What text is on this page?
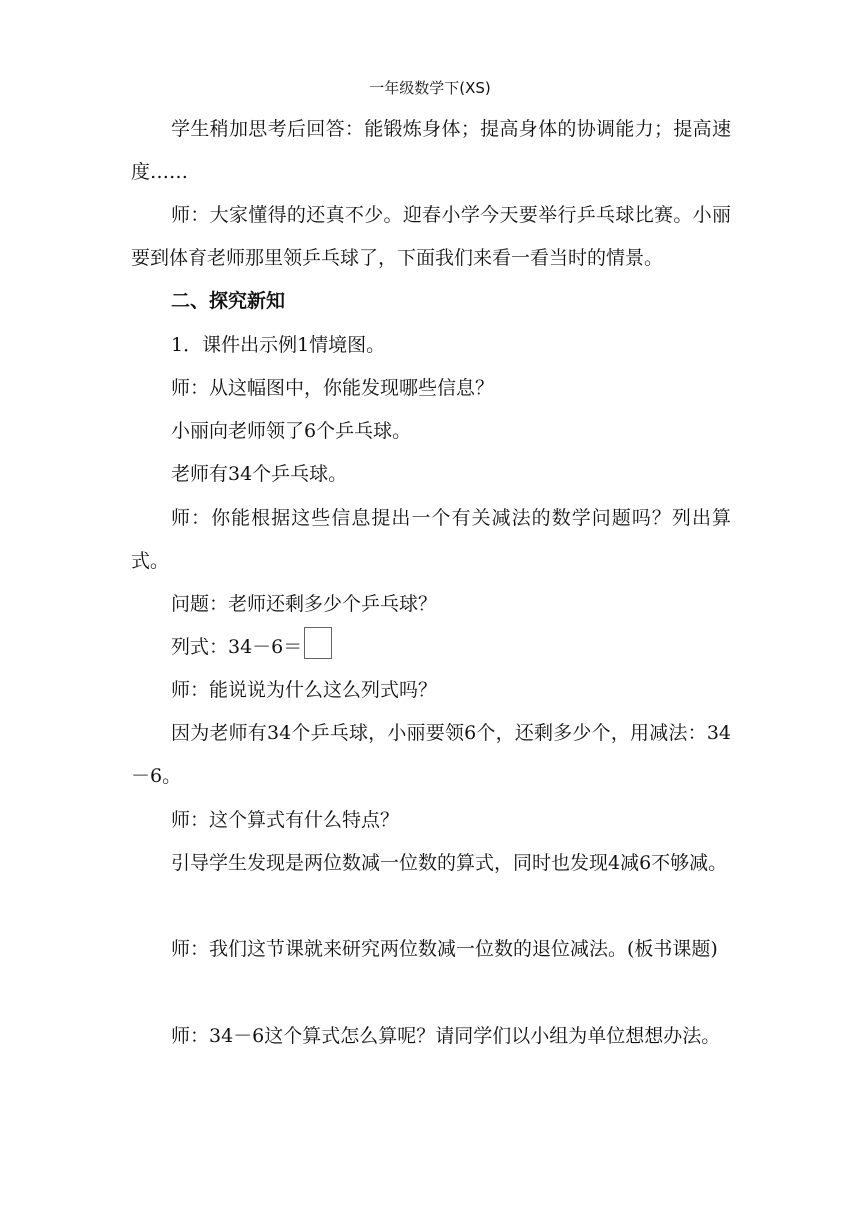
一年级数学下(XS)
学生稍加思考后回答：能锻炼身体；提高身体的协调能力；提高速度……
师：大家懂得的还真不少。迎春小学今天要举行乒乓球比赛。小丽要到体育老师那里领乒乓球了，下面我们来看一看当时的情景。
二、探究新知
1．课件出示例1情境图。
师：从这幅图中，你能发现哪些信息？
小丽向老师领了6个乒乓球。
老师有34个乒乓球。
师：你能根据这些信息提出一个有关减法的数学问题吗？列出算式。
问题：老师还剩多少个乒乓球？
列式：34－6＝
师：能说说为什么这么列式吗？
因为老师有34个乒乓球，小丽要领6个，还剩多少个，用减法：34－6。
师：这个算式有什么特点？
引导学生发现是两位数减一位数的算式，同时也发现4减6不够减。
师：我们这节课就来研究两位数减一位数的退位减法。(板书课题)
师：34－6这个算式怎么算呢？请同学们以小组为单位想想办法。
